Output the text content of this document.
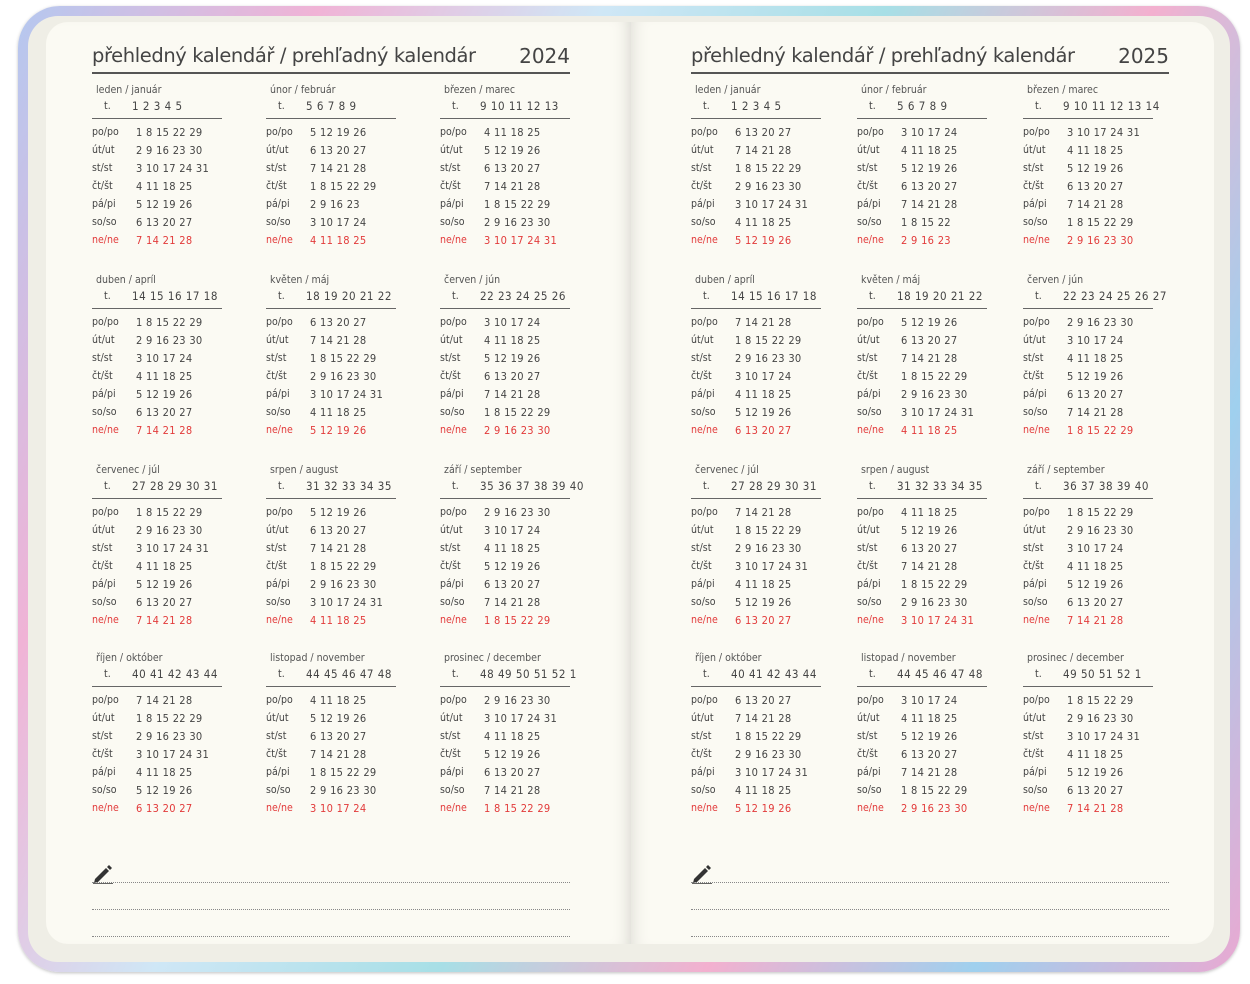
přehledný kalendář / prehľadný kalendár 2024
leden / január
t. 1 2 3 4 5
po/po 1 8 15 22 29
út/ut 2 9 16 23 30
st/st 3 10 17 24 31
čt/št 4 11 18 25
pá/pi 5 12 19 26
so/so 6 13 20 27
ne/ne 7 14 21 28
únor / február
t. 5 6 7 8 9
po/po 5 12 19 26
út/ut 6 13 20 27
st/st 7 14 21 28
čt/št 1 8 15 22 29
pá/pi 2 9 16 23
so/so 3 10 17 24
ne/ne 4 11 18 25
březen / marec
t. 9 10 11 12 13
po/po 4 11 18 25
út/ut 5 12 19 26
st/st 6 13 20 27
čt/št 7 14 21 28
pá/pi 1 8 15 22 29
so/so 2 9 16 23 30
ne/ne 3 10 17 24 31
duben / apríl
t. 14 15 16 17 18
po/po 1 8 15 22 29
út/ut 2 9 16 23 30
st/st 3 10 17 24
čt/št 4 11 18 25
pá/pi 5 12 19 26
so/so 6 13 20 27
ne/ne 7 14 21 28
květen / máj
t. 18 19 20 21 22
po/po 6 13 20 27
út/ut 7 14 21 28
st/st 1 8 15 22 29
čt/št 2 9 16 23 30
pá/pi 3 10 17 24 31
so/so 4 11 18 25
ne/ne 5 12 19 26
červen / jún
t. 22 23 24 25 26
po/po 3 10 17 24
út/ut 4 11 18 25
st/st 5 12 19 26
čt/št 6 13 20 27
pá/pi 7 14 21 28
so/so 1 8 15 22 29
ne/ne 2 9 16 23 30
červenec / júl
t. 27 28 29 30 31
po/po 1 8 15 22 29
út/ut 2 9 16 23 30
st/st 3 10 17 24 31
čt/št 4 11 18 25
pá/pi 5 12 19 26
so/so 6 13 20 27
ne/ne 7 14 21 28
srpen / august
t. 31 32 33 34 35
po/po 5 12 19 26
út/ut 6 13 20 27
st/st 7 14 21 28
čt/št 1 8 15 22 29
pá/pi 2 9 16 23 30
so/so 3 10 17 24 31
ne/ne 4 11 18 25
září / september
t. 35 36 37 38 39 40
po/po 2 9 16 23 30
út/ut 3 10 17 24
st/st 4 11 18 25
čt/št 5 12 19 26
pá/pi 6 13 20 27
so/so 7 14 21 28
ne/ne 1 8 15 22 29
říjen / október
t. 40 41 42 43 44
po/po 7 14 21 28
út/ut 1 8 15 22 29
st/st 2 9 16 23 30
čt/št 3 10 17 24 31
pá/pi 4 11 18 25
so/so 5 12 19 26
ne/ne 6 13 20 27
listopad / november
t. 44 45 46 47 48
po/po 4 11 18 25
út/ut 5 12 19 26
st/st 6 13 20 27
čt/št 7 14 21 28
pá/pi 1 8 15 22 29
so/so 2 9 16 23 30
ne/ne 3 10 17 24
prosinec / december
t. 48 49 50 51 52 1
po/po 2 9 16 23 30
út/ut 3 10 17 24 31
st/st 4 11 18 25
čt/št 5 12 19 26
pá/pi 6 13 20 27
so/so 7 14 21 28
ne/ne 1 8 15 22 29
přehledný kalendář / prehľadný kalendár 2025
leden / január
t. 1 2 3 4 5
po/po 6 13 20 27
út/ut 7 14 21 28
st/st 1 8 15 22 29
čt/št 2 9 16 23 30
pá/pi 3 10 17 24 31
so/so 4 11 18 25
ne/ne 5 12 19 26
únor / február
t. 5 6 7 8 9
po/po 3 10 17 24
út/ut 4 11 18 25
st/st 5 12 19 26
čt/št 6 13 20 27
pá/pi 7 14 21 28
so/so 1 8 15 22
ne/ne 2 9 16 23
březen / marec
t. 9 10 11 12 13 14
po/po 3 10 17 24 31
út/ut 4 11 18 25
st/st 5 12 19 26
čt/št 6 13 20 27
pá/pi 7 14 21 28
so/so 1 8 15 22 29
ne/ne 2 9 16 23 30
duben / apríl
t. 14 15 16 17 18
po/po 7 14 21 28
út/ut 1 8 15 22 29
st/st 2 9 16 23 30
čt/št 3 10 17 24
pá/pi 4 11 18 25
so/so 5 12 19 26
ne/ne 6 13 20 27
květen / máj
t. 18 19 20 21 22
po/po 5 12 19 26
út/ut 6 13 20 27
st/st 7 14 21 28
čt/št 1 8 15 22 29
pá/pi 2 9 16 23 30
so/so 3 10 17 24 31
ne/ne 4 11 18 25
červen / jún
t. 22 23 24 25 26 27
po/po 2 9 16 23 30
út/ut 3 10 17 24
st/st 4 11 18 25
čt/št 5 12 19 26
pá/pi 6 13 20 27
so/so 7 14 21 28
ne/ne 1 8 15 22 29
červenec / júl
t. 27 28 29 30 31
po/po 7 14 21 28
út/ut 1 8 15 22 29
st/st 2 9 16 23 30
čt/št 3 10 17 24 31
pá/pi 4 11 18 25
so/so 5 12 19 26
ne/ne 6 13 20 27
srpen / august
t. 31 32 33 34 35
po/po 4 11 18 25
út/ut 5 12 19 26
st/st 6 13 20 27
čt/št 7 14 21 28
pá/pi 1 8 15 22 29
so/so 2 9 16 23 30
ne/ne 3 10 17 24 31
září / september
t. 36 37 38 39 40
po/po 1 8 15 22 29
út/ut 2 9 16 23 30
st/st 3 10 17 24
čt/št 4 11 18 25
pá/pi 5 12 19 26
so/so 6 13 20 27
ne/ne 7 14 21 28
říjen / október
t. 40 41 42 43 44
po/po 6 13 20 27
út/ut 7 14 21 28
st/st 1 8 15 22 29
čt/št 2 9 16 23 30
pá/pi 3 10 17 24 31
so/so 4 11 18 25
ne/ne 5 12 19 26
listopad / november
t. 44 45 46 47 48
po/po 3 10 17 24
út/ut 4 11 18 25
st/st 5 12 19 26
čt/št 6 13 20 27
pá/pi 7 14 21 28
so/so 1 8 15 22 29
ne/ne 2 9 16 23 30
prosinec / december
t. 49 50 51 52 1
po/po 1 8 15 22 29
út/ut 2 9 16 23 30
st/st 3 10 17 24 31
čt/št 4 11 18 25
pá/pi 5 12 19 26
so/so 6 13 20 27
ne/ne 7 14 21 28
